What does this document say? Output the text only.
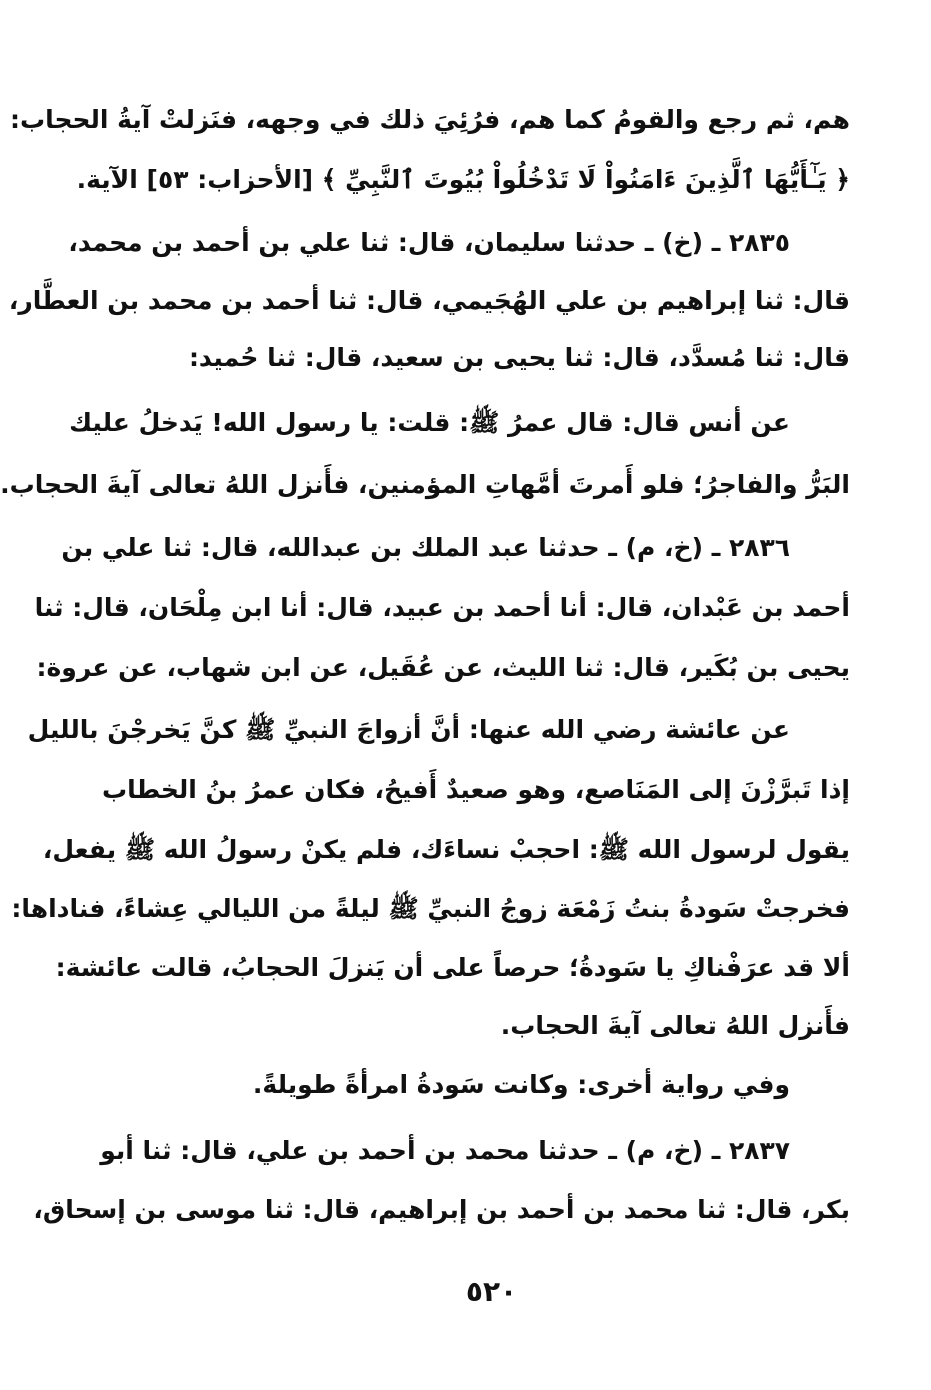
هم، ثم رجع والقومُ كما هم، فرُئِيَ ذلك في وجهه، فنَزلتْ آيةُ الحجاب:
﴿ يَـٰٓأَيُّهَا ٱلَّذِينَ ءَامَنُواْ لَا تَدْخُلُواْ بُيُوتَ ٱلنَّبِيِّ ﴾ [الأحزاب: ٥٣] الآية.
٢٨٣٥ ـ (خ) ـ حدثنا سليمان، قال: ثنا علي بن أحمد بن محمد،
قال: ثنا إبراهيم بن علي الهُجَيمي، قال: ثنا أحمد بن محمد بن العطَّار،
قال: ثنا مُسدَّد، قال: ثنا يحيى بن سعيد، قال: ثنا حُميد:
عن أنس قال: قال عمرُ ﷺ: قلت: يا رسول الله! يَدخلُ عليك
البَرُّ والفاجرُ؛ فلو أَمرتَ أمَّهاتِ المؤمنين، فأَنزل اللهُ تعالى آيةَ الحجاب.
٢٨٣٦ ـ (خ، م) ـ حدثنا عبد الملك بن عبدالله، قال: ثنا علي بن
أحمد بن عَبْدان، قال: أنا أحمد بن عبيد، قال: أنا ابن مِلْحَان، قال: ثنا
يحيى بن بُكَير، قال: ثنا الليث، عن عُقَيل، عن ابن شهاب، عن عروة:
عن عائشة رضي الله عنها: أنَّ أزواجَ النبيِّ ﷺ كنَّ يَخرجْنَ بالليل
إذا تَبرَّزْنَ إلى المَنَاصع، وهو صعيدٌ أَفيحُ، فكان عمرُ بنُ الخطاب
يقول لرسول الله ﷺ: احجبْ نساءَك، فلم يكنْ رسولُ الله ﷺ يفعل،
فخرجتْ سَودةُ بنتُ زَمْعَة زوجُ النبيِّ ﷺ ليلةً من الليالي عِشاءً، فناداها:
ألا قد عرَفْناكِ يا سَودةُ؛ حرصاً على أن يَنزلَ الحجابُ، قالت عائشة:
فأَنزل اللهُ تعالى آيةَ الحجاب.
وفي رواية أخرى: وكانت سَودةُ امرأةً طويلةً.
٢٨٣٧ ـ (خ، م) ـ حدثنا محمد بن أحمد بن علي، قال: ثنا أبو
بكر، قال: ثنا محمد بن أحمد بن إبراهيم، قال: ثنا موسى بن إسحاق،
٥٢٠
